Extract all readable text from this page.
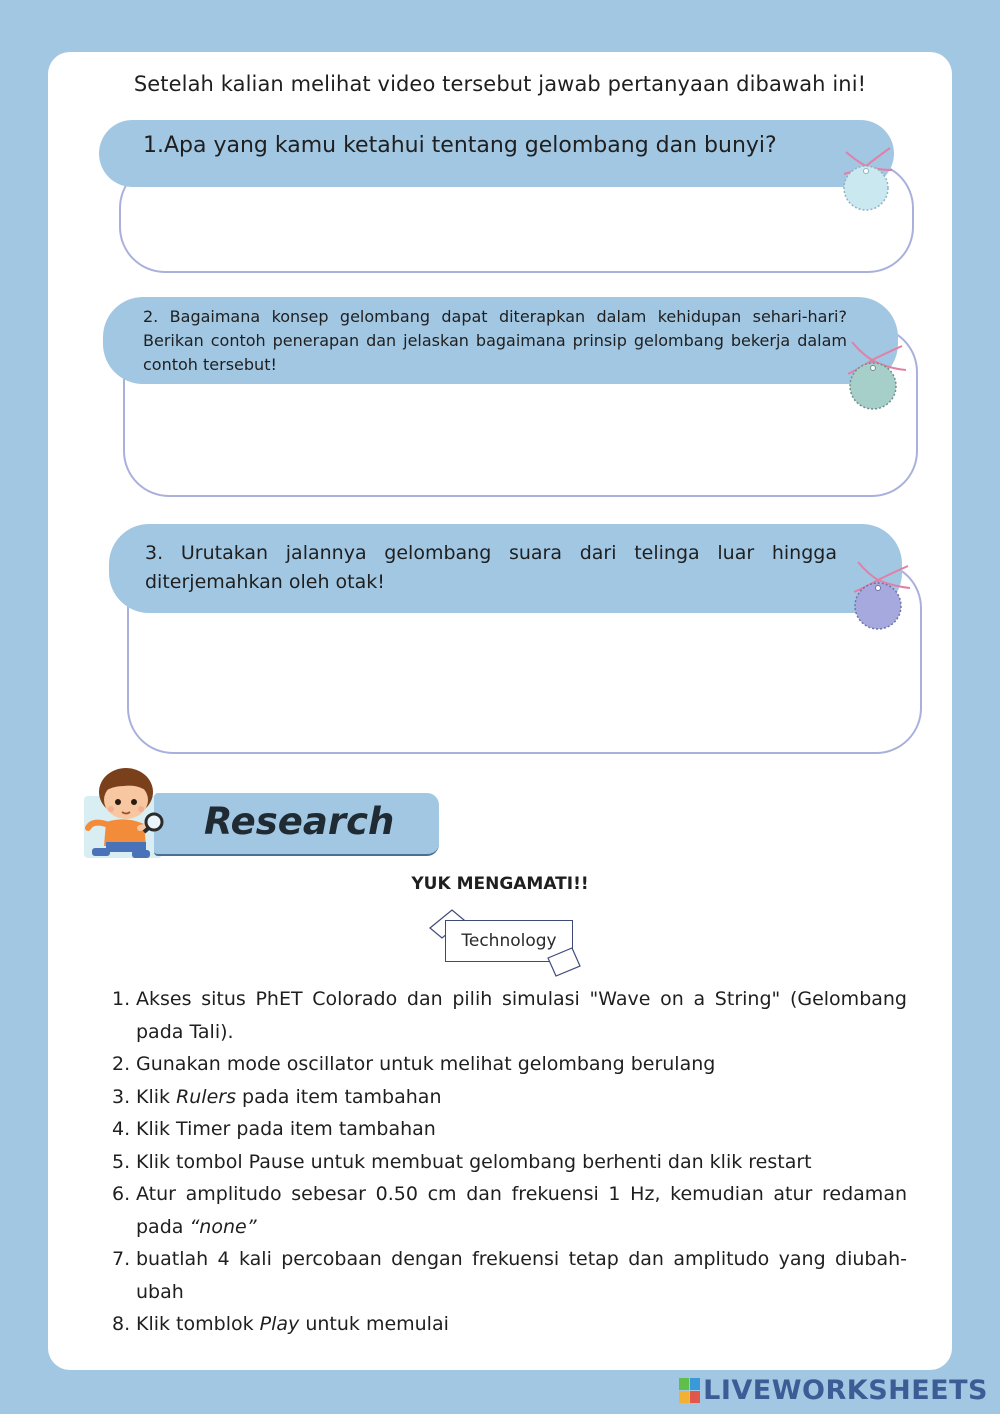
Setelah kalian melihat video tersebut jawab pertanyaan dibawah ini!

1.Apa yang kamu ketahui tentang gelombang dan bunyi?

2. Bagaimana konsep gelombang dapat diterapkan dalam kehidupan sehari-hari? Berikan contoh penerapan dan jelaskan bagaimana prinsip gelombang bekerja dalam contoh tersebut!

3. Urutakan jalannya gelombang suara dari telinga luar hingga diterjemahkan oleh otak!

Research
YUK MENGAMATI!!
Technology
1. Akses situs PhET Colorado dan pilih simulasi "Wave on a String" (Gelombang pada Tali).
2. Gunakan mode oscillator untuk melihat gelombang berulang
3. Klik Rulers pada item tambahan
4. Klik Timer pada item tambahan
5. Klik tombol Pause untuk membuat gelombang berhenti dan klik restart
6. Atur amplitudo sebesar 0.50 cm dan frekuensi 1 Hz, kemudian atur redaman pada “none”
7. buatlah 4 kali percobaan dengan frekuensi tetap dan amplitudo yang diubah-ubah
8. Klik tomblok Play untuk memulai
LIVEWORKSHEETS
